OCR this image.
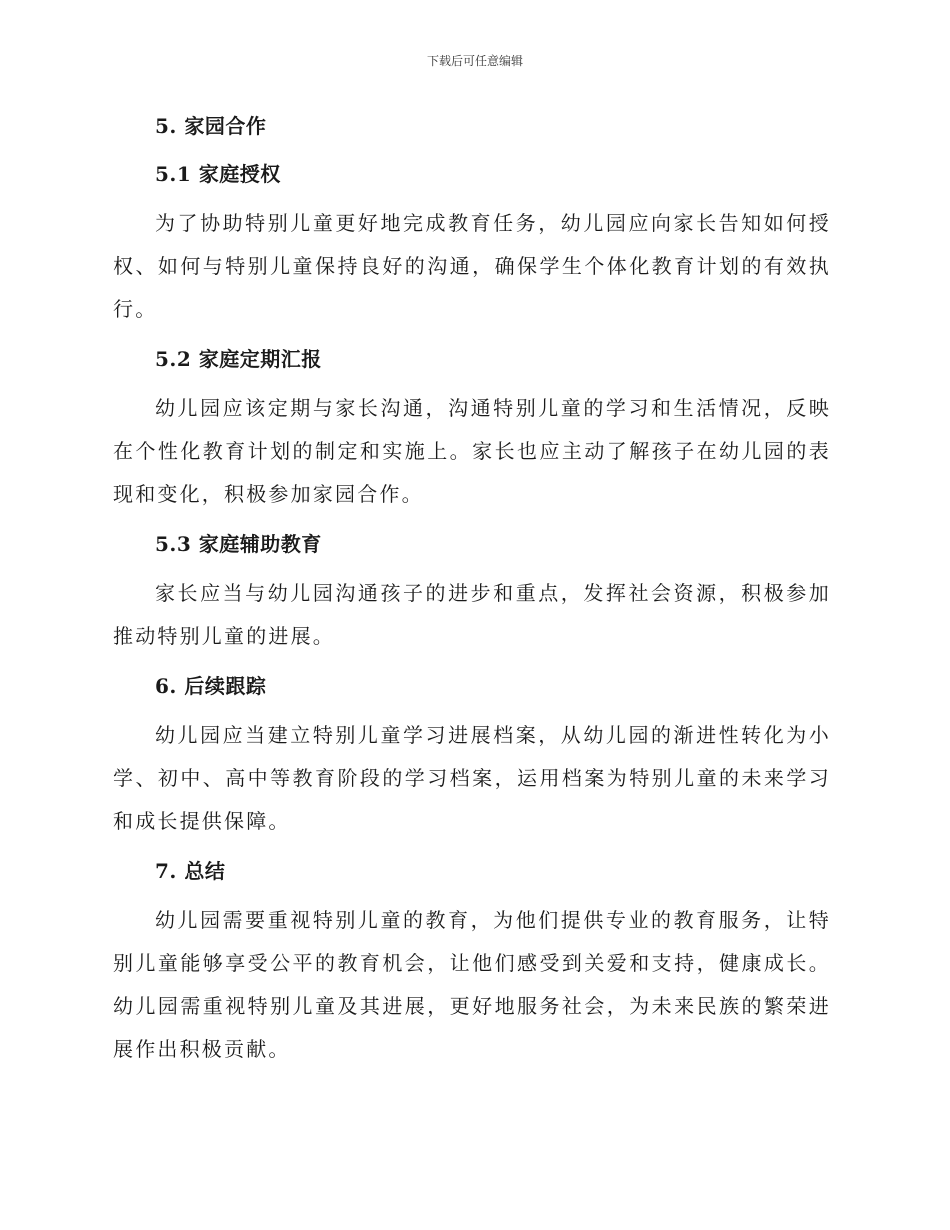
下载后可任意编辑
5. 家园合作
5.1 家庭授权

为了协助特别儿童更好地完成教育任务，幼儿园应向家长告知如何授权、如何与特别儿童保持良好的沟通，确保学生个体化教育计划的有效执行。

5.2 家庭定期汇报

幼儿园应该定期与家长沟通，沟通特别儿童的学习和生活情况，反映在个性化教育计划的制定和实施上。家长也应主动了解孩子在幼儿园的表现和变化，积极参加家园合作。

5.3 家庭辅助教育

家长应当与幼儿园沟通孩子的进步和重点，发挥社会资源，积极参加推动特别儿童的进展。

6. 后续跟踪

幼儿园应当建立特别儿童学习进展档案，从幼儿园的渐进性转化为小学、初中、高中等教育阶段的学习档案，运用档案为特别儿童的未来学习和成长提供保障。

7. 总结

幼儿园需要重视特别儿童的教育，为他们提供专业的教育服务，让特别儿童能够享受公平的教育机会，让他们感受到关爱和支持，健康成长。幼儿园需重视特别儿童及其进展，更好地服务社会，为未来民族的繁荣进展作出积极贡献。
